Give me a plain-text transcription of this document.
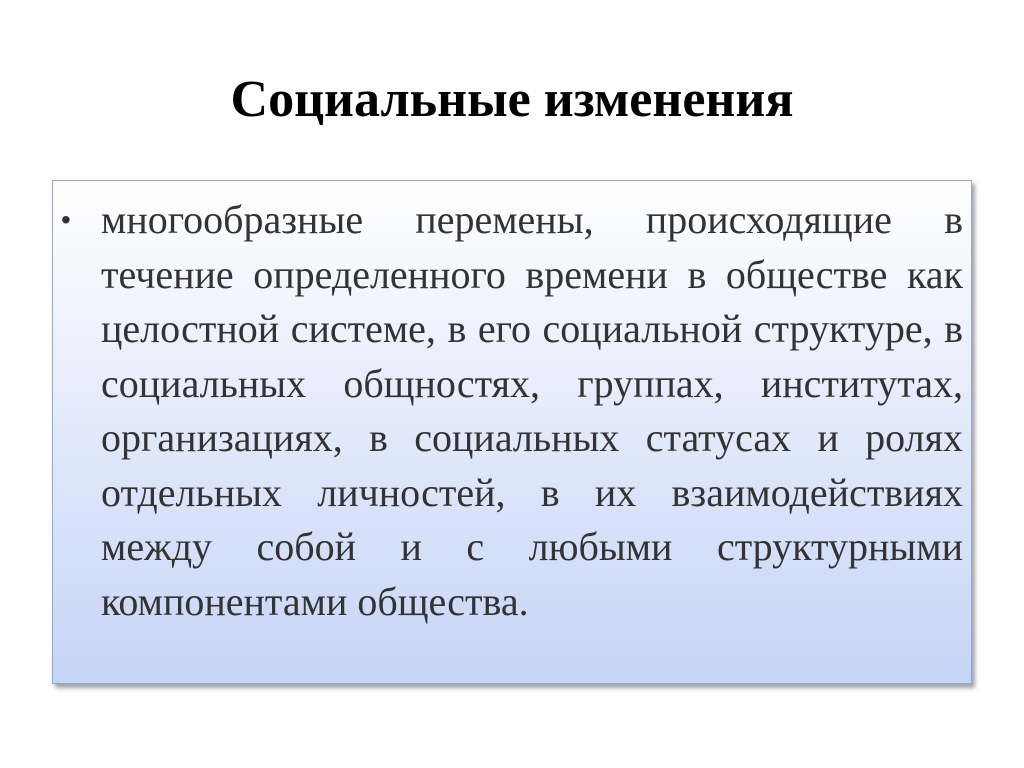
Социальные изменения
• многообразные перемены, происходящие в течение определенного времени в обществе как целостной системе, в его социальной структуре, в социальных общностях, группах, институтах, организациях, в социальных статусах и ролях отдельных личностей, в их взаимодействиях между собой и с любыми структурными компонентами общества.
